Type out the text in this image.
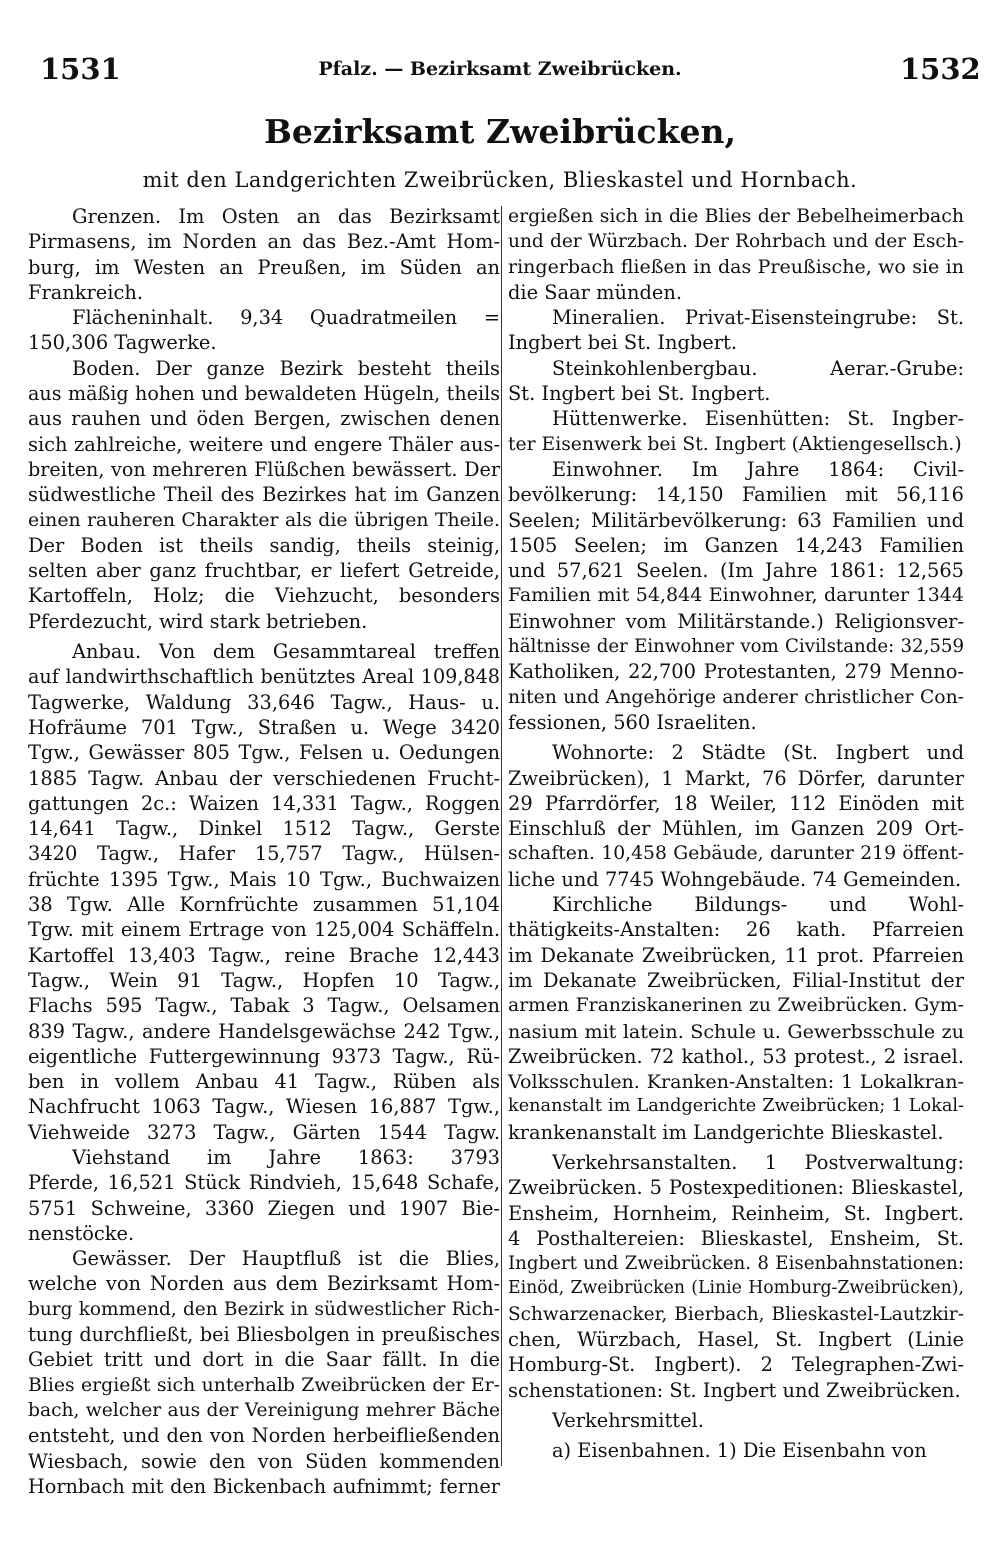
1531	Pfalz. — Bezirksamt Zweibrücken.	1532
Bezirksamt Zweibrücken,
mit den Landgerichten Zweibrücken, Blieskastel und Hornbach.
Grenzen. Im Osten an das Bezirksamt
Pirmasens, im Norden an das Bez.-Amt Hom-
burg, im Westen an Preußen, im Süden an
Frankreich.
Flächeninhalt. 9,34 Quadratmeilen =
150,306 Tagwerke.
Boden. Der ganze Bezirk besteht theils
aus mäßig hohen und bewaldeten Hügeln, theils
aus rauhen und öden Bergen, zwischen denen
sich zahlreiche, weitere und engere Thäler aus-
breiten, von mehreren Flüßchen bewässert. Der
südwestliche Theil des Bezirkes hat im Ganzen
einen rauheren Charakter als die übrigen Theile.
Der Boden ist theils sandig, theils steinig,
selten aber ganz fruchtbar, er liefert Getreide,
Kartoffeln, Holz; die Viehzucht, besonders
Pferdezucht, wird stark betrieben.
Anbau. Von dem Gesammtareal treffen
auf landwirthschaftlich benütztes Areal 109,848
Tagwerke, Waldung 33,646 Tagw., Haus- u.
Hofräume 701 Tgw., Straßen u. Wege 3420
Tgw., Gewässer 805 Tgw., Felsen u. Oedungen
1885 Tagw. Anbau der verschiedenen Frucht-
gattungen 2c.: Waizen 14,331 Tagw., Roggen
14,641 Tagw., Dinkel 1512 Tagw., Gerste
3420 Tagw., Hafer 15,757 Tagw., Hülsen-
früchte 1395 Tgw., Mais 10 Tgw., Buchwaizen
38 Tgw. Alle Kornfrüchte zusammen 51,104
Tgw. mit einem Ertrage von 125,004 Schäffeln.
Kartoffel 13,403 Tagw., reine Brache 12,443
Tagw., Wein 91 Tagw., Hopfen 10 Tagw.,
Flachs 595 Tagw., Tabak 3 Tagw., Oelsamen
839 Tagw., andere Handelsgewächse 242 Tgw.,
eigentliche Futtergewinnung 9373 Tagw., Rü-
ben in vollem Anbau 41 Tagw., Rüben als
Nachfrucht 1063 Tagw., Wiesen 16,887 Tgw.,
Viehweide 3273 Tagw., Gärten 1544 Tagw.
Viehstand im Jahre 1863: 3793
Pferde, 16,521 Stück Rindvieh, 15,648 Schafe,
5751 Schweine, 3360 Ziegen und 1907 Bie-
nenstöcke.
Gewässer. Der Hauptfluß ist die Blies,
welche von Norden aus dem Bezirksamt Hom-
burg kommend, den Bezirk in südwestlicher Rich-
tung durchfließt, bei Bliesbolgen in preußisches
Gebiet tritt und dort in die Saar fällt. In die
Blies ergießt sich unterhalb Zweibrücken der Er-
bach, welcher aus der Vereinigung mehrer Bäche
entsteht, und den von Norden herbeifließenden
Wiesbach, sowie den von Süden kommenden
Hornbach mit den Bickenbach aufnimmt; ferner
ergießen sich in die Blies der Bebelheimerbach
und der Würzbach. Der Rohrbach und der Esch-
ringerbach fließen in das Preußische, wo sie in
die Saar münden.
Mineralien. Privat-Eisensteingrube: St.
Ingbert bei St. Ingbert.
Steinkohlenbergbau. Aerar.-Grube:
St. Ingbert bei St. Ingbert.
Hüttenwerke. Eisenhütten: St. Ingber-
ter Eisenwerk bei St. Ingbert (Aktiengesellsch.)
Einwohner. Im Jahre 1864: Civil-
bevölkerung: 14,150 Familien mit 56,116
Seelen; Militärbevölkerung: 63 Familien und
1505 Seelen; im Ganzen 14,243 Familien
und 57,621 Seelen. (Im Jahre 1861: 12,565
Familien mit 54,844 Einwohner, darunter 1344
Einwohner vom Militärstande.) Religionsver-
hältnisse der Einwohner vom Civilstande: 32,559
Katholiken, 22,700 Protestanten, 279 Menno-
niten und Angehörige anderer christlicher Con-
fessionen, 560 Israeliten.
Wohnorte: 2 Städte (St. Ingbert und
Zweibrücken), 1 Markt, 76 Dörfer, darunter
29 Pfarrdörfer, 18 Weiler, 112 Einöden mit
Einschluß der Mühlen, im Ganzen 209 Ort-
schaften. 10,458 Gebäude, darunter 219 öffent-
liche und 7745 Wohngebäude. 74 Gemeinden.
Kirchliche Bildungs- und Wohl-
thätigkeits-Anstalten: 26 kath. Pfarreien
im Dekanate Zweibrücken, 11 prot. Pfarreien
im Dekanate Zweibrücken, Filial-Institut der
armen Franziskanerinen zu Zweibrücken. Gym-
nasium mit latein. Schule u. Gewerbsschule zu
Zweibrücken. 72 kathol., 53 protest., 2 israel.
Volksschulen. Kranken-Anstalten: 1 Lokalkran-
kenanstalt im Landgerichte Zweibrücken; 1 Lokal-
krankenanstalt im Landgerichte Blieskastel.
Verkehrsanstalten. 1 Postverwaltung:
Zweibrücken. 5 Postexpeditionen: Blieskastel,
Ensheim, Hornheim, Reinheim, St. Ingbert.
4 Posthaltereien: Blieskastel, Ensheim, St.
Ingbert und Zweibrücken. 8 Eisenbahnstationen:
Einöd, Zweibrücken (Linie Homburg-Zweibrücken),
Schwarzenacker, Bierbach, Blieskastel-Lautzkir-
chen, Würzbach, Hasel, St. Ingbert (Linie
Homburg-St. Ingbert). 2 Telegraphen-Zwi-
schenstationen: St. Ingbert und Zweibrücken.
Verkehrsmittel.
a) Eisenbahnen. 1) Die Eisenbahn von
